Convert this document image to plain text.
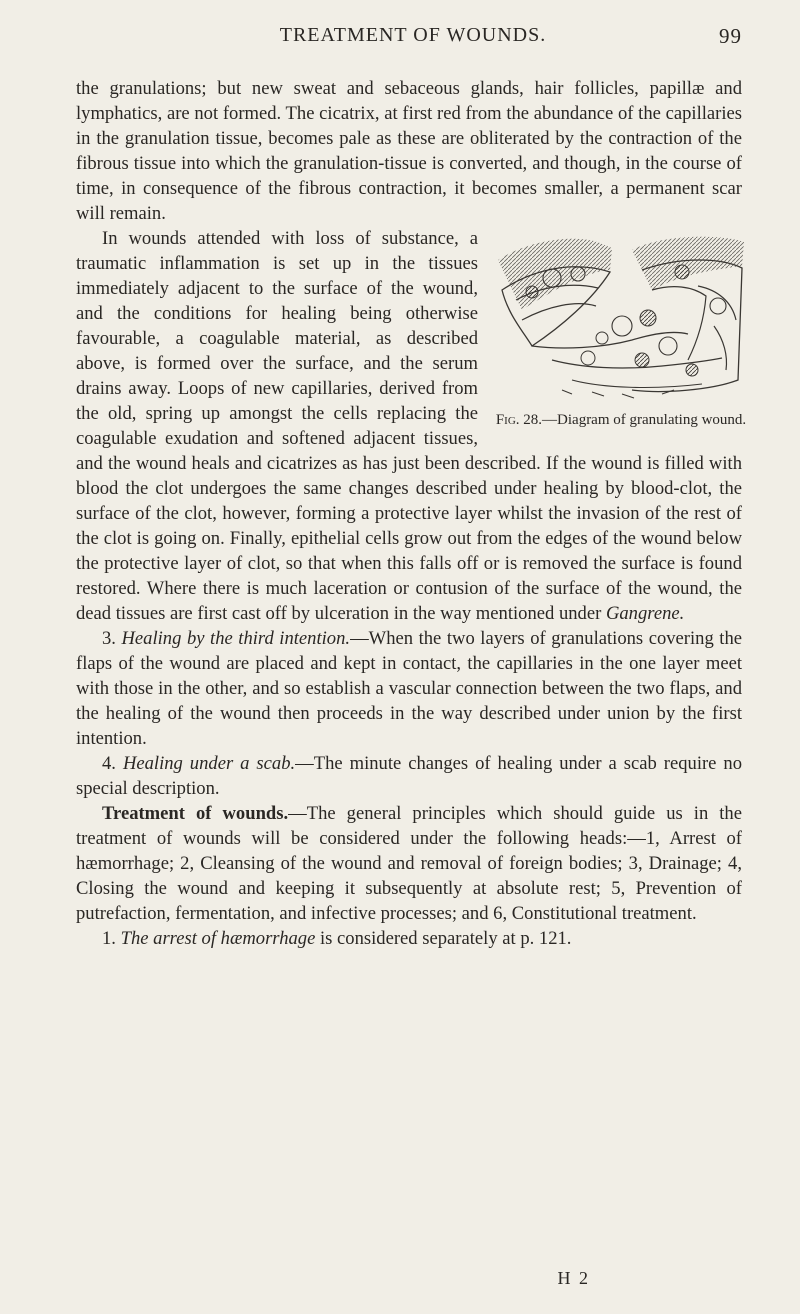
TREATMENT OF WOUNDS.	99

the granulations; but new sweat and sebaceous glands, hair follicles, papillæ and lymphatics, are not formed. The cicatrix, at first red from the abundance of the capillaries in the granulation tissue, becomes pale as these are obliterated by the contraction of the fibrous tissue into which the granulation-tissue is converted, and though, in the course of time, in consequence of the fibrous contraction, it becomes smaller, a permanent scar will remain.

Fig. 28.—Diagram of granulating wound.
In wounds attended with loss of substance, a traumatic inflammation is set up in the tissues immediately adjacent to the surface of the wound, and the conditions for healing being otherwise favourable, a coagulable material, as described above, is formed over the surface, and the serum drains away. Loops of new capillaries, derived from the old, spring up amongst the cells replacing the coagulable exudation and softened adjacent tissues, and the wound heals and cicatrizes as has just been described. If the wound is filled with blood the clot undergoes the same changes described under healing by blood-clot, the surface of the clot, however, forming a protective layer whilst the invasion of the rest of the clot is going on. Finally, epithelial cells grow out from the edges of the wound below the protective layer of clot, so that when this falls off or is removed the surface is found restored. Where there is much laceration or contusion of the surface of the wound, the dead tissues are first cast off by ulceration in the way mentioned under Gangrene.

3. Healing by the third intention.—When the two layers of granulations covering the flaps of the wound are placed and kept in contact, the capillaries in the one layer meet with those in the other, and so establish a vascular connection between the two flaps, and the healing of the wound then proceeds in the way described under union by the first intention.

4. Healing under a scab.—The minute changes of healing under a scab require no special description.

Treatment of wounds.—The general principles which should guide us in the treatment of wounds will be considered under the following heads:—1, Arrest of hæmorrhage; 2, Cleansing of the wound and removal of foreign bodies; 3, Drainage; 4, Closing the wound and keeping it subsequently at absolute rest; 5, Prevention of putrefaction, fermentation, and infective processes; and 6, Constitutional treatment.

1. The arrest of hæmorrhage is considered separately at p. 121.

H 2
